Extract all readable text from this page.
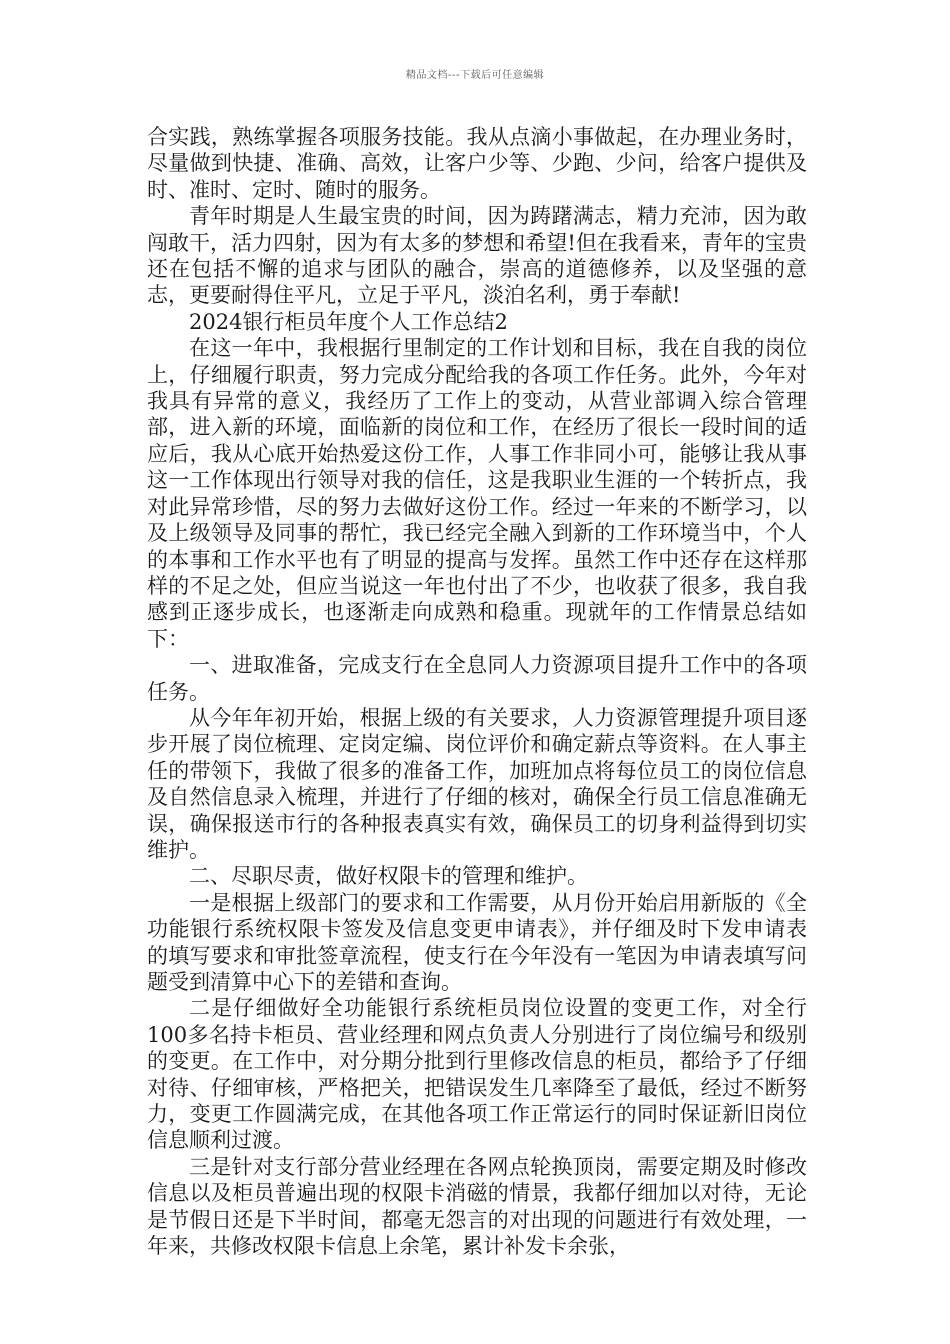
精品文档---下载后可任意编辑

合实践，熟练掌握各项服务技能。我从点滴小事做起，在办理业务时，尽量做到快捷、准确、高效，让客户少等、少跑、少问，给客户提供及时、准时、定时、随时的服务。

青年时期是人生最宝贵的时间，因为踌躇满志，精力充沛，因为敢闯敢干，活力四射，因为有太多的梦想和希望!但在我看来，青年的宝贵还在包括不懈的追求与团队的融合，崇高的道德修养，以及坚强的意志，更要耐得住平凡，立足于平凡，淡泊名利，勇于奉献!

2024银行柜员年度个人工作总结2

在这一年中，我根据行里制定的工作计划和目标，我在自我的岗位上，仔细履行职责，努力完成分配给我的各项工作任务。此外，今年对我具有异常的意义，我经历了工作上的变动，从营业部调入综合管理部，进入新的环境，面临新的岗位和工作，在经历了很长一段时间的适应后，我从心底开始热爱这份工作，人事工作非同小可，能够让我从事这一工作体现出行领导对我的信任，这是我职业生涯的一个转折点，我对此异常珍惜，尽的努力去做好这份工作。经过一年来的不断学习，以及上级领导及同事的帮忙，我已经完全融入到新的工作环境当中，个人的本事和工作水平也有了明显的提高与发挥。虽然工作中还存在这样那样的不足之处，但应当说这一年也付出了不少，也收获了很多，我自我感到正逐步成长，也逐渐走向成熟和稳重。现就年的工作情景总结如下：

一、进取准备，完成支行在全息同人力资源项目提升工作中的各项任务。

从今年年初开始，根据上级的有关要求，人力资源管理提升项目逐步开展了岗位梳理、定岗定编、岗位评价和确定薪点等资料。在人事主任的带领下，我做了很多的准备工作，加班加点将每位员工的岗位信息及自然信息录入梳理，并进行了仔细的核对，确保全行员工信息准确无误，确保报送市行的各种报表真实有效，确保员工的切身利益得到切实维护。

二、尽职尽责，做好权限卡的管理和维护。

一是根据上级部门的要求和工作需要，从月份开始启用新版的《全功能银行系统权限卡签发及信息变更申请表》，并仔细及时下发申请表的填写要求和审批签章流程，使支行在今年没有一笔因为申请表填写问题受到清算中心下的差错和查询。

二是仔细做好全功能银行系统柜员岗位设置的变更工作，对全行100多名持卡柜员、营业经理和网点负责人分别进行了岗位编号和级别的变更。在工作中，对分期分批到行里修改信息的柜员，都给予了仔细对待、仔细审核，严格把关，把错误发生几率降至了最低，经过不断努力，变更工作圆满完成，在其他各项工作正常运行的同时保证新旧岗位信息顺利过渡。

三是针对支行部分营业经理在各网点轮换顶岗，需要定期及时修改信息以及柜员普遍出现的权限卡消磁的情景，我都仔细加以对待，无论是节假日还是下半时间，都毫无怨言的对出现的问题进行有效处理，一年来，共修改权限卡信息上余笔，累计补发卡余张，
